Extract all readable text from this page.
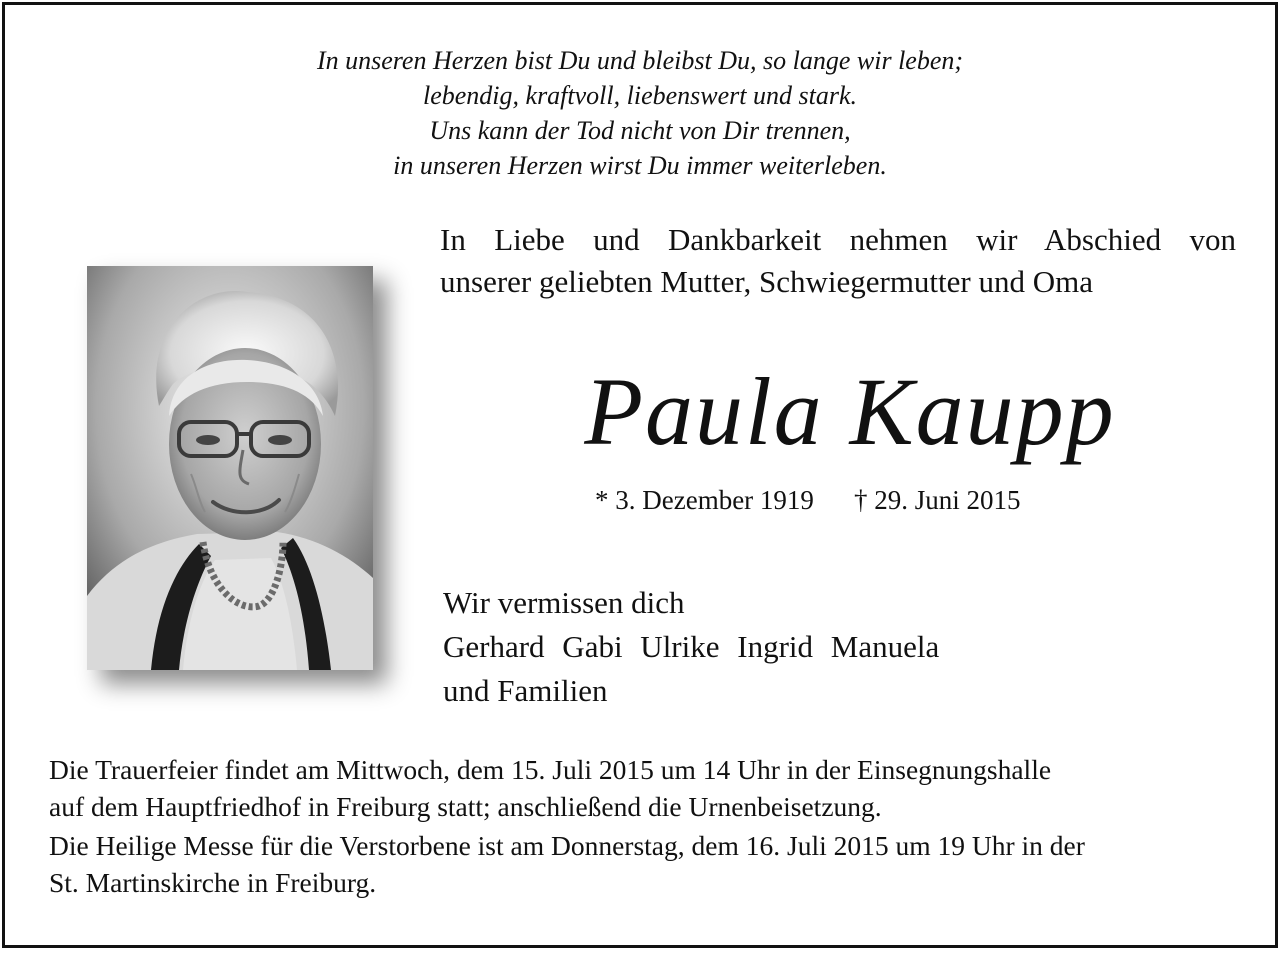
In unseren Herzen bist Du und bleibst Du, so lange wir leben;
lebendig, kraftvoll, liebenswert und stark.
Uns kann der Tod nicht von Dir trennen,
in unseren Herzen wirst Du immer weiterleben.
In Liebe und Dankbarkeit nehmen wir Abschied von
unserer geliebten Mutter, Schwiegermutter und Oma
Paula Kaupp
* 3. Dezember 1919 † 29. Juni 2015
Wir vermissen dich
Gerhard Gabi Ulrike Ingrid Manuela
und Familien

Die Trauerfeier findet am Mittwoch, dem 15. Juli 2015 um 14 Uhr in der Einsegnungshalle
auf dem Hauptfriedhof in Freiburg statt; anschließend die Urnenbeisetzung.

Die Heilige Messe für die Verstorbene ist am Donnerstag, dem 16. Juli 2015 um 19 Uhr in der
St. Martinskirche in Freiburg.
